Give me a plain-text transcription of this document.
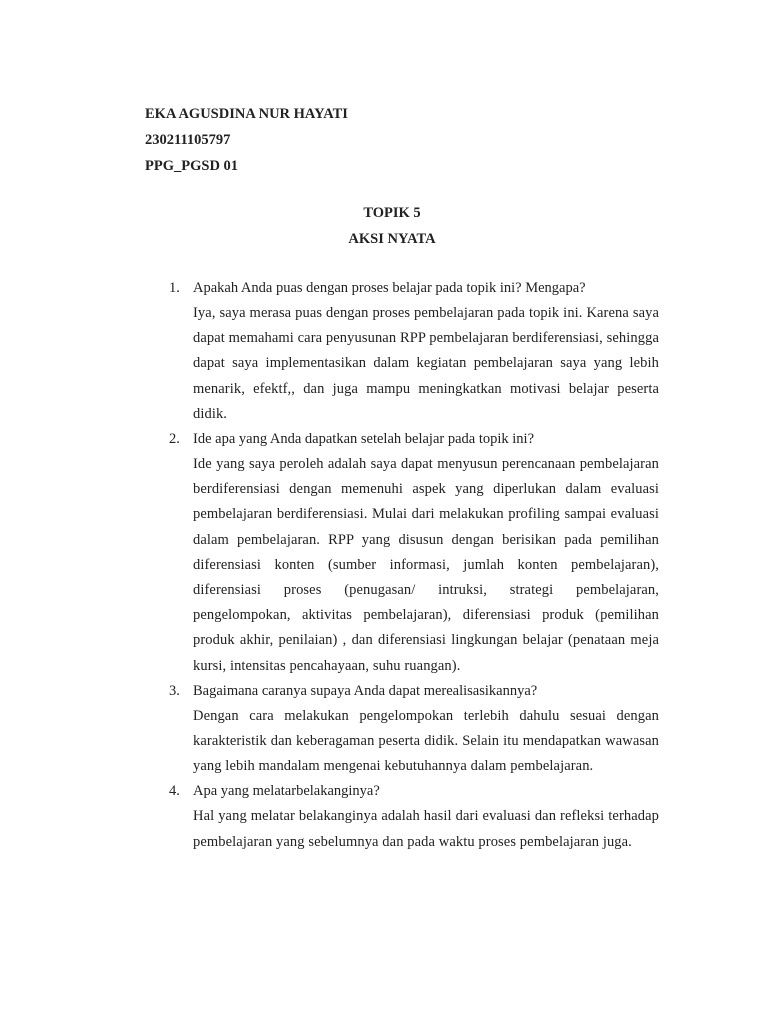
EKA AGUSDINA NUR HAYATI
230211105797
PPG_PGSD 01
TOPIK 5
AKSI NYATA
1. Apakah Anda puas dengan proses belajar pada topik ini? Mengapa?
Iya, saya merasa puas dengan proses pembelajaran pada topik ini. Karena saya dapat memahami cara penyusunan RPP pembelajaran berdiferensiasi, sehingga dapat saya implementasikan dalam kegiatan pembelajaran saya yang lebih menarik, efektf,, dan juga mampu meningkatkan motivasi belajar peserta didik.
2. Ide apa yang Anda dapatkan setelah belajar pada topik ini?
Ide yang saya peroleh adalah saya dapat menyusun perencanaan pembelajaran berdiferensiasi dengan memenuhi aspek yang diperlukan dalam evaluasi pembelajaran berdiferensiasi. Mulai dari melakukan profiling sampai evaluasi dalam pembelajaran. RPP yang disusun dengan berisikan pada pemilihan diferensiasi konten (sumber informasi, jumlah konten pembelajaran), diferensiasi proses (penugasan/ intruksi, strategi pembelajaran, pengelompokan, aktivitas pembelajaran), diferensiasi produk (pemilihan produk akhir, penilaian) , dan diferensiasi lingkungan belajar (penataan meja kursi, intensitas pencahayaan, suhu ruangan).
3. Bagaimana caranya supaya Anda dapat merealisasikannya?
Dengan cara melakukan pengelompokan terlebih dahulu sesuai dengan karakteristik dan keberagaman peserta didik. Selain itu mendapatkan wawasan yang lebih mandalam mengenai kebutuhannya dalam pembelajaran.
4. Apa yang melatarbelakanginya?
Hal yang melatar belakanginya adalah hasil dari evaluasi dan refleksi terhadap pembelajaran yang sebelumnya dan pada waktu proses pembelajaran juga.
